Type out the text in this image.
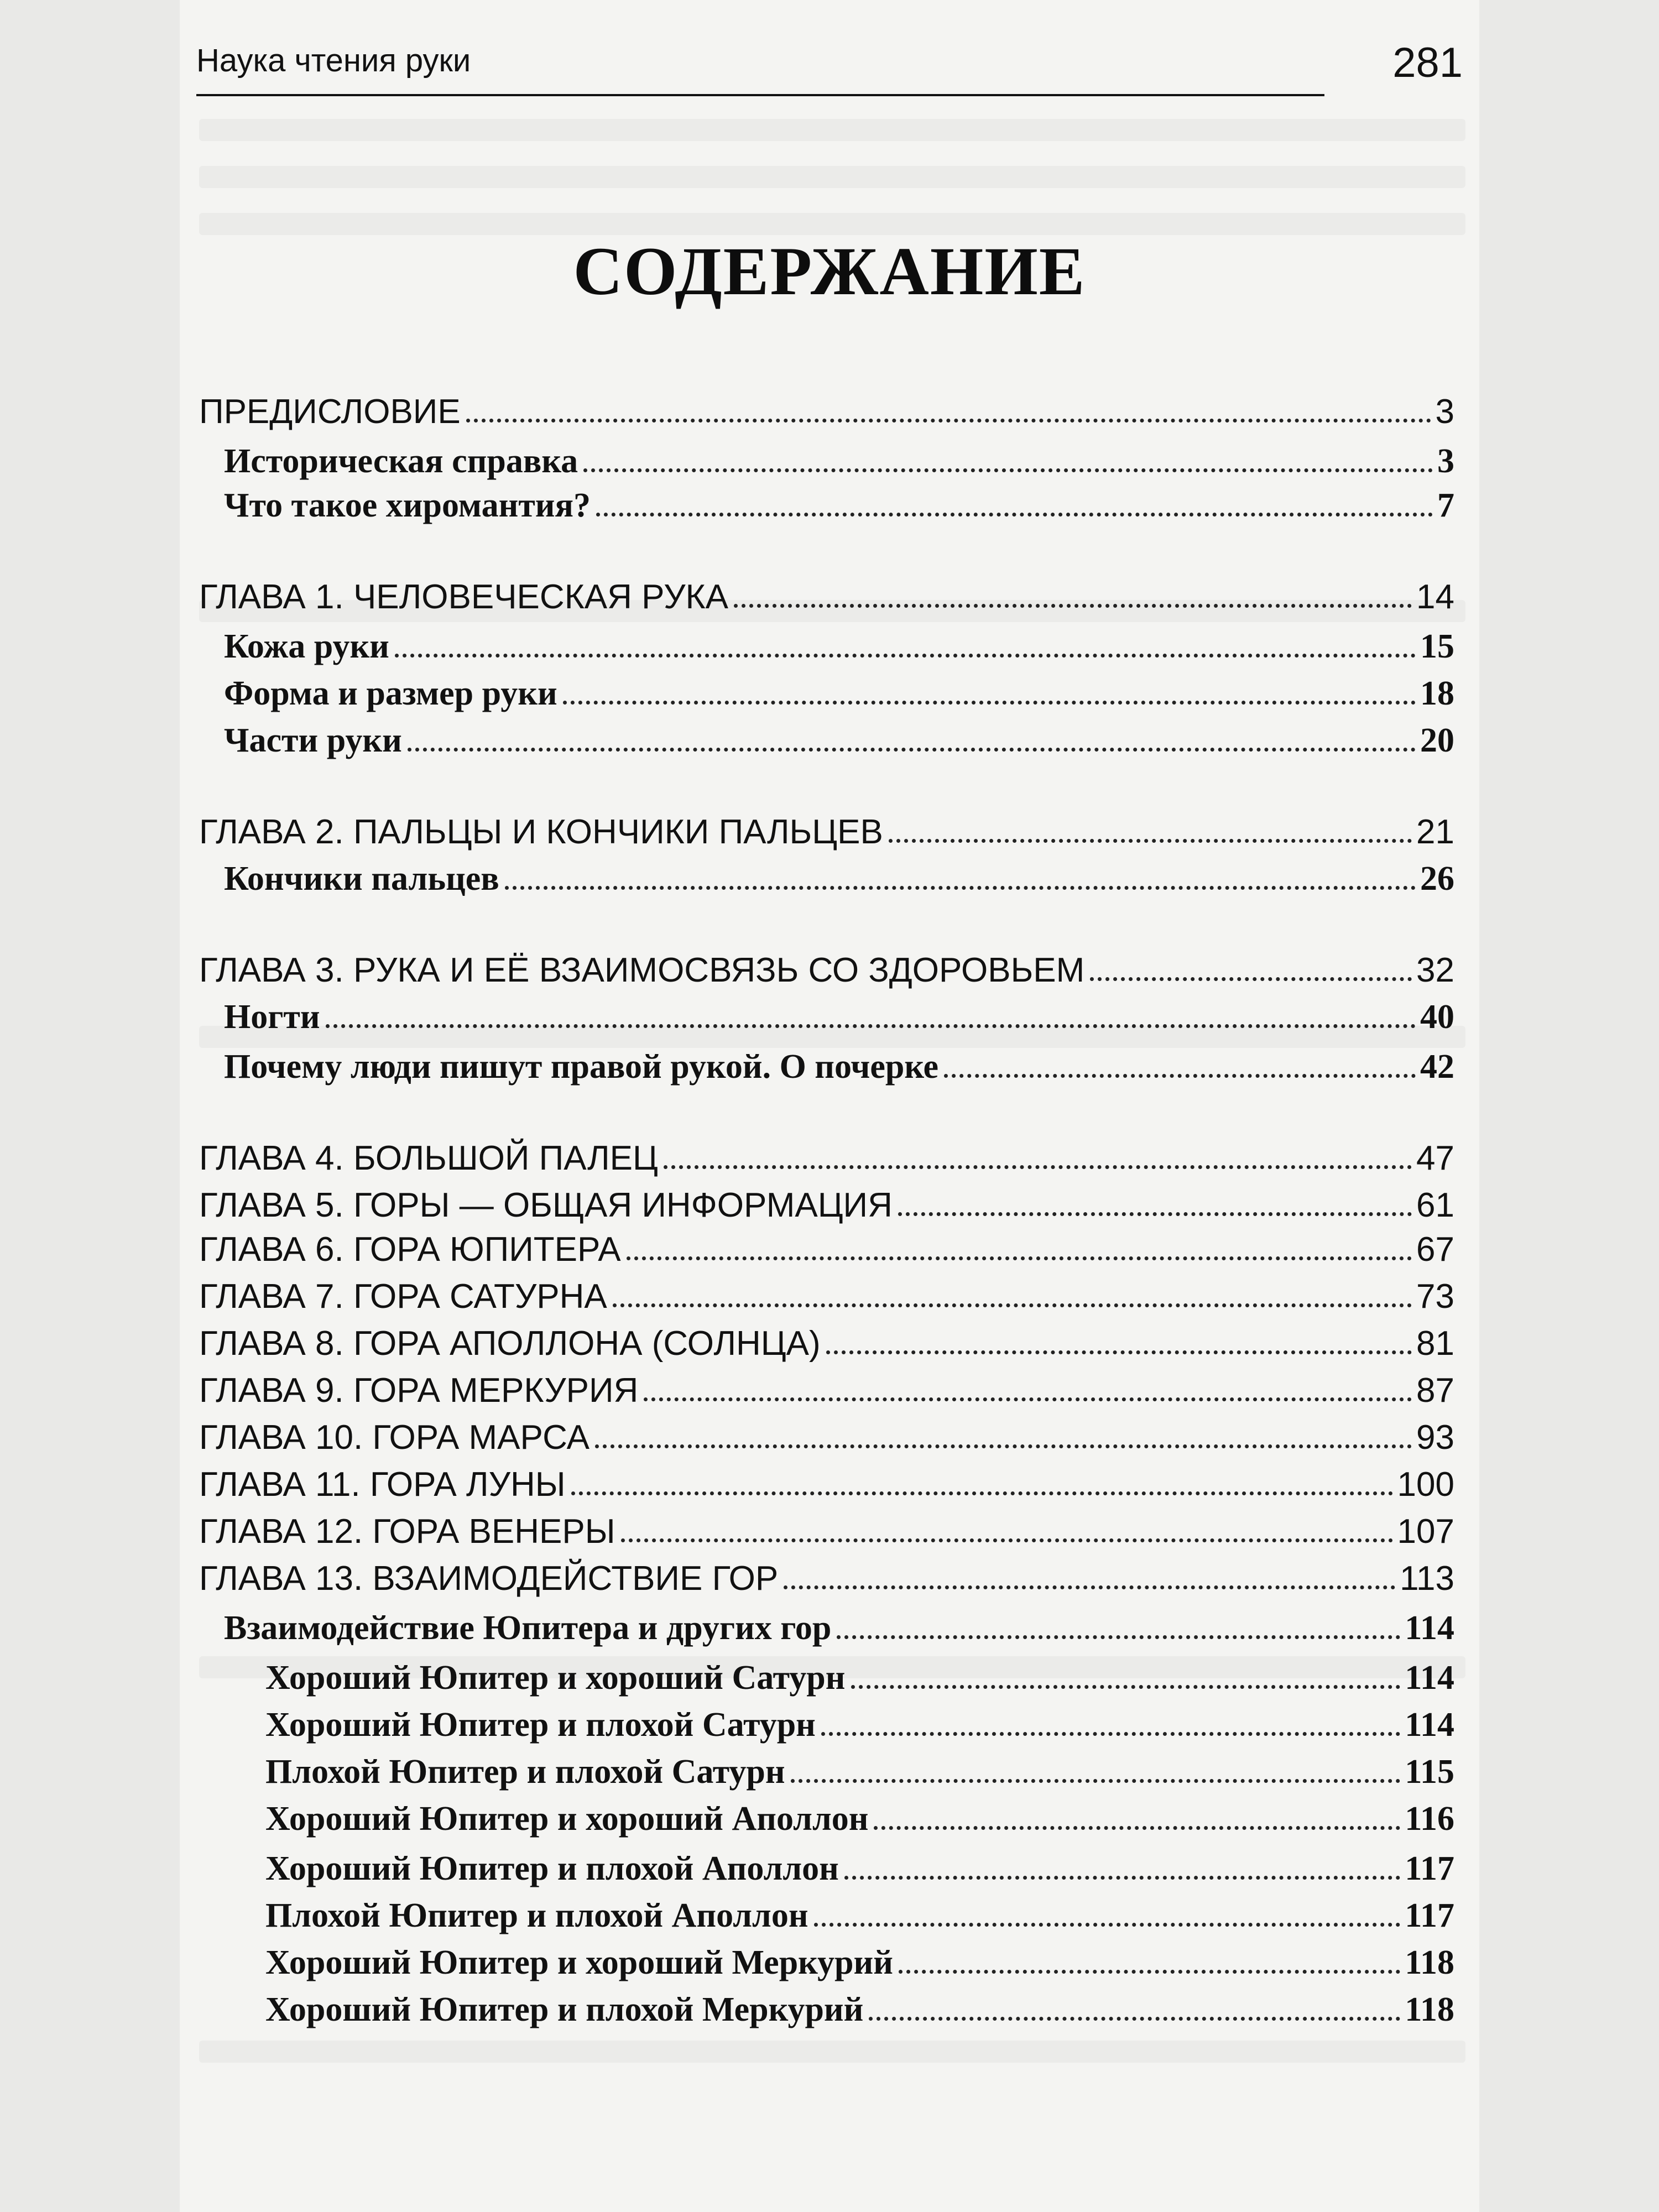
Наука чтения руки	281
СОДЕРЖАНИЕ
ПРЕДИСЛОВИЕ	3
Историческая справка	3
Что такое хиромантия?	7
ГЛАВА 1. ЧЕЛОВЕЧЕСКАЯ РУКА	14
Кожа руки	15
Форма и размер руки	18
Части руки	20
ГЛАВА 2. ПАЛЬЦЫ И КОНЧИКИ ПАЛЬЦЕВ	21
Кончики пальцев	26
ГЛАВА 3. РУКА И ЕЁ ВЗАИМОСВЯЗЬ СО ЗДОРОВЬЕМ	32
Ногти	40
Почему люди пишут правой рукой. О почерке	42
ГЛАВА 4. БОЛЬШОЙ ПАЛЕЦ	47
ГЛАВА 5. ГОРЫ — ОБЩАЯ ИНФОРМАЦИЯ	61
ГЛАВА 6. ГОРА ЮПИТЕРА	67
ГЛАВА 7. ГОРА САТУРНА	73
ГЛАВА 8. ГОРА АПОЛЛОНА (СОЛНЦА)	81
ГЛАВА 9. ГОРА МЕРКУРИЯ	87
ГЛАВА 10. ГОРА МАРСА	93
ГЛАВА 11. ГОРА ЛУНЫ	100
ГЛАВА 12. ГОРА ВЕНЕРЫ	107
ГЛАВА 13. ВЗАИМОДЕЙСТВИЕ ГОР	113
Взаимодействие Юпитера и других гор	114
Хороший Юпитер и хороший Сатурн	114
Хороший Юпитер и плохой Сатурн	114
Плохой Юпитер и плохой Сатурн	115
Хороший Юпитер и хороший Аполлон	116
Хороший Юпитер и плохой Аполлон	117
Плохой Юпитер и плохой Аполлон	117
Хороший Юпитер и хороший Меркурий	118
Хороший Юпитер и плохой Меркурий	118
